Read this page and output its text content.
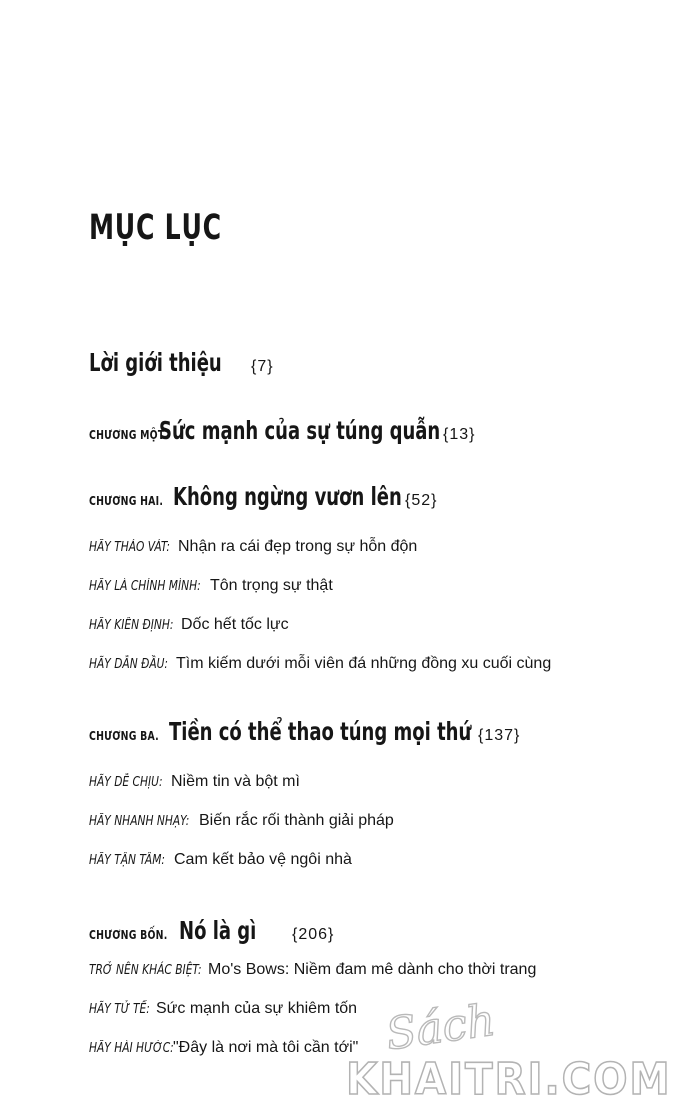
MỤC LỤC
Lời giới thiệu {7}
CHƯƠNG MỘT.
Sức mạnh của sự túng quẫn {13}
CHƯƠNG HAI. Không ngừng vươn lên {52}
HÃY THÁO VÁT: Nhận ra cái đẹp trong sự hỗn độn
HÃY LÀ CHÍNH MÌNH: Tôn trọng sự thật
HÃY KIÊN ĐỊNH: Dốc hết tốc lực
HÃY DẪN ĐẦU: Tìm kiếm dưới mỗi viên đá những đồng xu cuối cùng
CHƯƠNG BA. Tiền có thể thao túng mọi thứ {137}
HÃY DỄ CHỊU: Niềm tin và bột mì
HÃY NHANH NHẠY: Biến rắc rối thành giải pháp
HÃY TẬN TÂM: Cam kết bảo vệ ngôi nhà
CHƯƠNG BỐN. Nó là gì {206}
TRỞ NÊN KHÁC BIỆT: Mo's Bows: Niềm đam mê dành cho thời trang
HÃY TỬ TẾ: Sức mạnh của sự khiêm tốn
HÃY HÀI HƯỚC: "Đây là nơi mà tôi cần tới" Sách
KHAITRI.COM
